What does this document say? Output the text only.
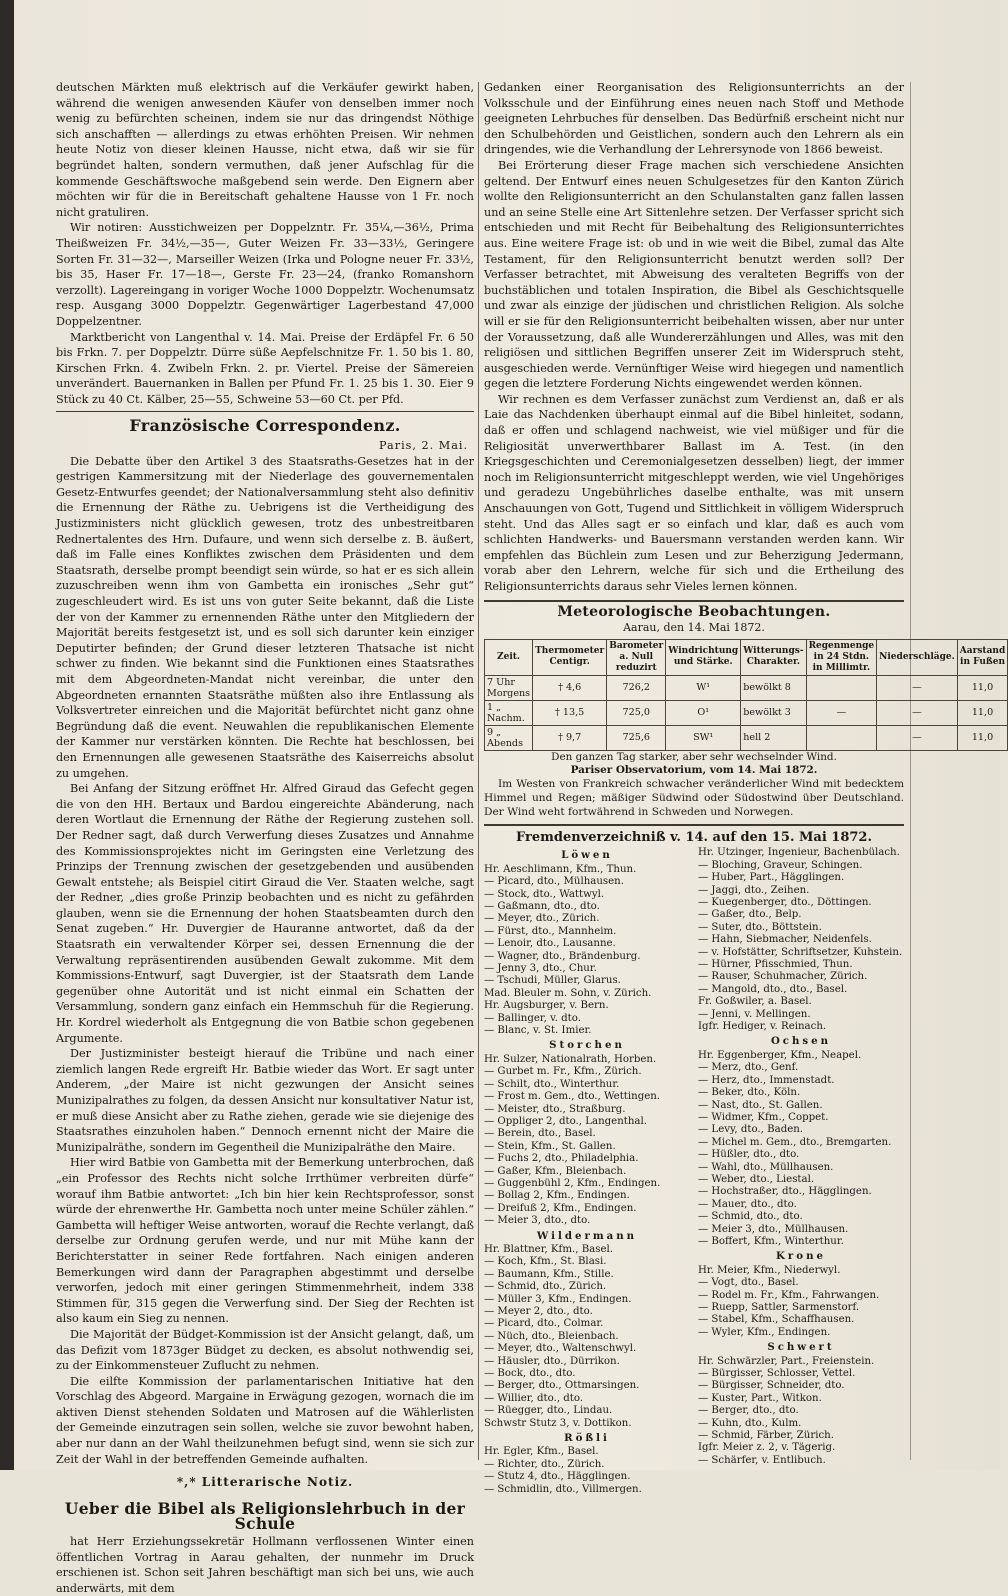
deutschen Märkten muß elektrisch auf die Verkäufer gewirkt haben, während die wenigen anwesenden Käufer von denselben immer noch wenig zu befürchten scheinen, indem sie nur das dringendst Nöthige sich anschafften — allerdings zu etwas erhöhten Preisen. Wir nehmen heute Notiz von dieser kleinen Hausse, nicht etwa, daß wir sie für begründet halten, sondern vermuthen, daß jener Aufschlag für die kommende Geschäftswoche maßgebend sein werde. Den Eignern aber möchten wir für die in Bereitschaft gehaltene Hausse von 1 Fr. noch nicht gratuliren.

Wir notiren: Ausstichweizen per Doppelzntr. Fr. 35¼,—36½, Prima Theißweizen Fr. 34½,—35—, Guter Weizen Fr. 33—33½, Geringere Sorten Fr. 31—32—, Marseiller Weizen (Irka und Pologne neuer Fr. 33½, bis 35, Haser Fr. 17—18—, Gerste Fr. 23—24, (franko Romanshorn verzollt). Lagereingang in voriger Woche 1000 Doppelztr. Wochenumsatz resp. Ausgang 3000 Doppelztr. Gegenwärtiger Lagerbestand 47,000 Doppelzentner.

Marktbericht von Langenthal v. 14. Mai. Preise der Erdäpfel Fr. 6 50 bis Frkn. 7. per Doppelztr. Dürre süße Aepfelschnitze Fr. 1. 50 bis 1. 80, Kirschen Frkn. 4. Zwibeln Frkn. 2. pr. Viertel. Preise der Sämereien unverändert. Bauernanken in Ballen per Pfund Fr. 1. 25 bis 1. 30. Eier 9 Stück zu 40 Ct. Kälber, 25—55, Schweine 53—60 Ct. per Pfd.

Französische Correspondenz.
Paris, 2. Mai.

Die Debatte über den Artikel 3 des Staatsraths-Gesetzes hat in der gestrigen Kammersitzung mit der Niederlage des gouvernementalen Gesetz-Entwurfes geendet; der Nationalversammlung steht also definitiv die Ernennung der Räthe zu. Uebrigens ist die Vertheidigung des Justizministers nicht glücklich gewesen, trotz des unbestreitbaren Rednertalentes des Hrn. Dufaure, und wenn sich derselbe z. B. äußert, daß im Falle eines Konfliktes zwischen dem Präsidenten und dem Staatsrath, derselbe prompt beendigt sein würde, so hat er es sich allein zuzuschreiben wenn ihm von Gambetta ein ironisches „Sehr gut“ zugeschleudert wird. Es ist uns von guter Seite bekannt, daß die Liste der von der Kammer zu ernennenden Räthe unter den Mitgliedern der Majorität bereits festgesetzt ist, und es soll sich darunter kein einziger Deputirter befinden; der Grund dieser letzteren Thatsache ist nicht schwer zu finden. Wie bekannt sind die Funktionen eines Staatsrathes mit dem Abgeordneten-Mandat nicht vereinbar, die unter den Abgeordneten ernannten Staatsräthe müßten also ihre Entlassung als Volksvertreter einreichen und die Majorität befürchtet nicht ganz ohne Begründung daß die event. Neuwahlen die republikanischen Elemente der Kammer nur verstärken könnten. Die Rechte hat beschlossen, bei den Ernennungen alle gewesenen Staatsräthe des Kaiserreichs absolut zu umgehen.

Bei Anfang der Sitzung eröffnet Hr. Alfred Giraud das Gefecht gegen die von den HH. Bertaux und Bardou eingereichte Abänderung, nach deren Wortlaut die Ernennung der Räthe der Regierung zustehen soll. Der Redner sagt, daß durch Verwerfung dieses Zusatzes und Annahme des Kommissionsprojektes nicht im Geringsten eine Verletzung des Prinzips der Trennung zwischen der gesetzgebenden und ausübenden Gewalt entstehe; als Beispiel citirt Giraud die Ver. Staaten welche, sagt der Redner, „dies große Prinzip beobachten und es nicht zu gefährden glauben, wenn sie die Ernennung der hohen Staatsbeamten durch den Senat zugeben.“ Hr. Duvergier de Hauranne antwortet, daß da der Staatsrath ein verwaltender Körper sei, dessen Ernennung die der Verwaltung repräsentirenden ausübenden Gewalt zukomme. Mit dem Kommissions-Entwurf, sagt Duvergier, ist der Staatsrath dem Lande gegenüber ohne Autorität und ist nicht einmal ein Schatten der Versammlung, sondern ganz einfach ein Hemmschuh für die Regierung. Hr. Kordrel wiederholt als Entgegnung die von Batbie schon gegebenen Argumente.

Der Justizminister besteigt hierauf die Tribüne und nach einer ziemlich langen Rede ergreift Hr. Batbie wieder das Wort. Er sagt unter Anderem, „der Maire ist nicht gezwungen der Ansicht seines Munizipalrathes zu folgen, da dessen Ansicht nur konsultativer Natur ist, er muß diese Ansicht aber zu Rathe ziehen, gerade wie sie diejenige des Staatsrathes einzuholen haben.“ Dennoch ernennt nicht der Maire die Munizipalräthe, sondern im Gegentheil die Munizipalräthe den Maire.

Hier wird Batbie von Gambetta mit der Bemerkung unterbrochen, daß „ein Professor des Rechts nicht solche Irrthümer verbreiten dürfe“ worauf ihm Batbie antwortet: „Ich bin hier kein Rechtsprofessor, sonst würde der ehrenwerthe Hr. Gambetta noch unter meine Schüler zählen.“ Gambetta will heftiger Weise antworten, worauf die Rechte verlangt, daß derselbe zur Ordnung gerufen werde, und nur mit Mühe kann der Berichterstatter in seiner Rede fortfahren. Nach einigen anderen Bemerkungen wird dann der Paragraphen abgestimmt und derselbe verworfen, jedoch mit einer geringen Stimmenmehrheit, indem 338 Stimmen für, 315 gegen die Verwerfung sind. Der Sieg der Rechten ist also kaum ein Sieg zu nennen.

Die Majorität der Büdget-Kommission ist der Ansicht gelangt, daß, um das Defizit vom 1873ger Büdget zu decken, es absolut nothwendig sei, zu der Einkommensteuer Zuflucht zu nehmen.

Die eilfte Kommission der parlamentarischen Initiative hat den Vorschlag des Abgeord. Margaine in Erwägung gezogen, wornach die im aktiven Dienst stehenden Soldaten und Matrosen auf die Wählerlisten der Gemeinde einzutragen sein sollen, welche sie zuvor bewohnt haben, aber nur dann an der Wahl theilzunehmen befugt sind, wenn sie sich zur Zeit der Wahl in der betreffenden Gemeinde aufhalten.

*,* Litterarische Notiz.
Ueber die Bibel als Religionslehrbuch in der Schule

hat Herr Erziehungssekretär Hollmann verflossenen Winter einen öffentlichen Vortrag in Aarau gehalten, der nunmehr im Druck erschienen ist. Schon seit Jahren beschäftigt man sich bei uns, wie auch anderwärts, mit dem

Gedanken einer Reorganisation des Religionsunterrichts an der Volksschule und der Einführung eines neuen nach Stoff und Methode geeigneten Lehrbuches für denselben. Das Bedürfniß erscheint nicht nur den Schulbehörden und Geistlichen, sondern auch den Lehrern als ein dringendes, wie die Verhandlung der Lehrersynode von 1866 beweist.

Bei Erörterung dieser Frage machen sich verschiedene Ansichten geltend. Der Entwurf eines neuen Schulgesetzes für den Kanton Zürich wollte den Religionsunterricht an den Schulanstalten ganz fallen lassen und an seine Stelle eine Art Sittenlehre setzen. Der Verfasser spricht sich entschieden und mit Recht für Beibehaltung des Religionsunterrichtes aus. Eine weitere Frage ist: ob und in wie weit die Bibel, zumal das Alte Testament, für den Religionsunterricht benutzt werden soll? Der Verfasser betrachtet, mit Abweisung des veralteten Begriffs von der buchstäblichen und totalen Inspiration, die Bibel als Geschichtsquelle und zwar als einzige der jüdischen und christlichen Religion. Als solche will er sie für den Religionsunterricht beibehalten wissen, aber nur unter der Voraussetzung, daß alle Wundererzählungen und Alles, was mit den religiösen und sittlichen Begriffen unserer Zeit im Widerspruch steht, ausgeschieden werde. Vernünftiger Weise wird hiegegen und namentlich gegen die letztere Forderung Nichts eingewendet werden können.

Wir rechnen es dem Verfasser zunächst zum Verdienst an, daß er als Laie das Nachdenken überhaupt einmal auf die Bibel hinleitet, sodann, daß er offen und schlagend nachweist, wie viel müßiger und für die Religiosität unverwerthbarer Ballast im A. Test. (in den Kriegsgeschichten und Ceremonialgesetzen desselben) liegt, der immer noch im Religionsunterricht mitgeschleppt werden, wie viel Ungehöriges und geradezu Ungebührliches daselbe enthalte, was mit unsern Anschauungen von Gott, Tugend und Sittlichkeit in völligem Widerspruch steht. Und das Alles sagt er so einfach und klar, daß es auch vom schlichten Handwerks- und Bauersmann verstanden werden kann. Wir empfehlen das Büchlein zum Lesen und zur Beherzigung Jedermann, vorab aber den Lehrern, welche für sich und die Ertheilung des Religionsunterrichts daraus sehr Vieles lernen können.

Meteorologische Beobachtungen.
Aarau, den 14. Mai 1872.
Zeit.	Thermometer Centigr.	Barometer a. Null reduzirt	Windrichtung und Stärke.	Witterungs-Charakter.	Regenmenge in 24 Stdn. in Millimtr.	Niederschläge.	Aarstand in Fußen
7 Uhr Morgens	† 4,6	726,2	W¹	bewölkt 8		—	11,0
1 „ Nachm.	† 13,5	725,0	O¹	bewölkt 3	—	—	11,0
9 „ Abends	† 9,7	725,6	SW¹	hell 2		—	11,0
Den ganzen Tag starker, aber sehr wechselnder Wind.
Pariser Observatorium, vom 14. Mai 1872.

Im Westen von Frankreich schwacher veränderlicher Wind mit bedecktem Himmel und Regen; mäßiger Südwind oder Südostwind über Deutschland. Der Wind weht fortwährend in Schweden und Norwegen.

Fremdenverzeichniß v. 14. auf den 15. Mai 1872.
Löwen
Hr. Aeschlimann, Kfm., Thun.
— Picard, dto., Mülhausen.
— Stock, dto., Wattwyl.
— Gaßmann, dto., dto.
— Meyer, dto., Zürich.
— Fürst, dto., Mannheim.
— Lenoir, dto., Lausanne.
— Wagner, dto., Brändenburg.
— Jenny 3, dto., Chur.
— Tschudi, Müller, Glarus.
Mad. Bleuler m. Sohn, v. Zürich.
Hr. Augsburger, v. Bern.
— Ballinger, v. dto.
— Blanc, v. St. Imier.
Storchen
Hr. Sulzer, Nationalrath, Horben.
— Gurbet m. Fr., Kfm., Zürich.
— Schilt, dto., Winterthur.
— Frost m. Gem., dto., Wettingen.
— Meister, dto., Straßburg.
— Oppliger 2, dto., Langenthal.
— Berein, dto., Basel.
— Stein, Kfm., St. Gallen.
— Fuchs 2, dto., Philadelphia.
— Gaßer, Kfm., Bleienbach.
— Guggenbühl 2, Kfm., Endingen.
— Bollag 2, Kfm., Endingen.
— Dreifuß 2, Kfm., Endingen.
— Meier 3, dto., dto.
Wildermann
Hr. Blattner, Kfm., Basel.
— Koch, Kfm., St. Blasi.
— Baumann, Kfm., Stille.
— Schmid, dto., Zürich.
— Müller 3, Kfm., Endingen.
— Meyer 2, dto., dto.
— Picard, dto., Colmar.
— Nüch, dto., Bleienbach.
— Meyer, dto., Waltenschwyl.
— Häusler, dto., Dürrikon.
— Bock, dto., dto.
— Berger, dto., Ottmarsingen.
— Willier, dto., dto.
— Rüegger, dto., Lindau.
Schwstr Stutz 3, v. Dottikon.
Rößli
Hr. Egler, Kfm., Basel.
— Richter, dto., Zürich.
— Stutz 4, dto., Hägglingen.
— Schmidlin, dto., Villmergen.
Hr. Utzinger, Ingenieur, Bachenbülach.
— Bloching, Graveur, Schingen.
— Huber, Part., Hägglingen.
— Jaggi, dto., Zeihen.
— Kuegenberger, dto., Döttingen.
— Gaßer, dto., Belp.
— Suter, dto., Böttstein.
— Hahn, Siebmacher, Neidenfels.
— v. Hofstätter, Schriftsetzer, Kuhstein.
— Hürner, Pfisschmied, Thun.
— Rauser, Schuhmacher, Zürich.
— Mangold, dto., dto., Basel.
Fr. Goßwiler, a. Basel.
— Jenni, v. Mellingen.
Igfr. Hediger, v. Reinach.
Ochsen
Hr. Eggenberger, Kfm., Neapel.
— Merz, dto., Genf.
— Herz, dto., Immenstadt.
— Beker, dto., Köln.
— Nast, dto., St. Gallen.
— Widmer, Kfm., Coppet.
— Levy, dto., Baden.
— Michel m. Gem., dto., Bremgarten.
— Hüßler, dto., dto.
— Wahl, dto., Müllhausen.
— Weber, dto., Liestal.
— Hochstraßer, dto., Hägglingen.
— Mauer, dto., dto.
— Schmid, dto., dto.
— Meier 3, dto., Müllhausen.
— Boffert, Kfm., Winterthur.
Krone
Hr. Meier, Kfm., Niederwyl.
— Vogt, dto., Basel.
— Rodel m. Fr., Kfm., Fahrwangen.
— Ruepp, Sattler, Sarmenstorf.
— Stabel, Kfm., Schaffhausen.
— Wyler, Kfm., Endingen.
Schwert
Hr. Schwärzler, Part., Freienstein.
— Bürgisser, Schlosser, Vettel.
— Bürgisser, Schneider, dto.
— Kuster, Part., Witkon.
— Berger, dto., dto.
— Kuhn, dto., Kulm.
— Schmid, Färber, Zürich.
Igfr. Meier z. 2, v. Tägerig.
— Schärfer, v. Entlibuch.
